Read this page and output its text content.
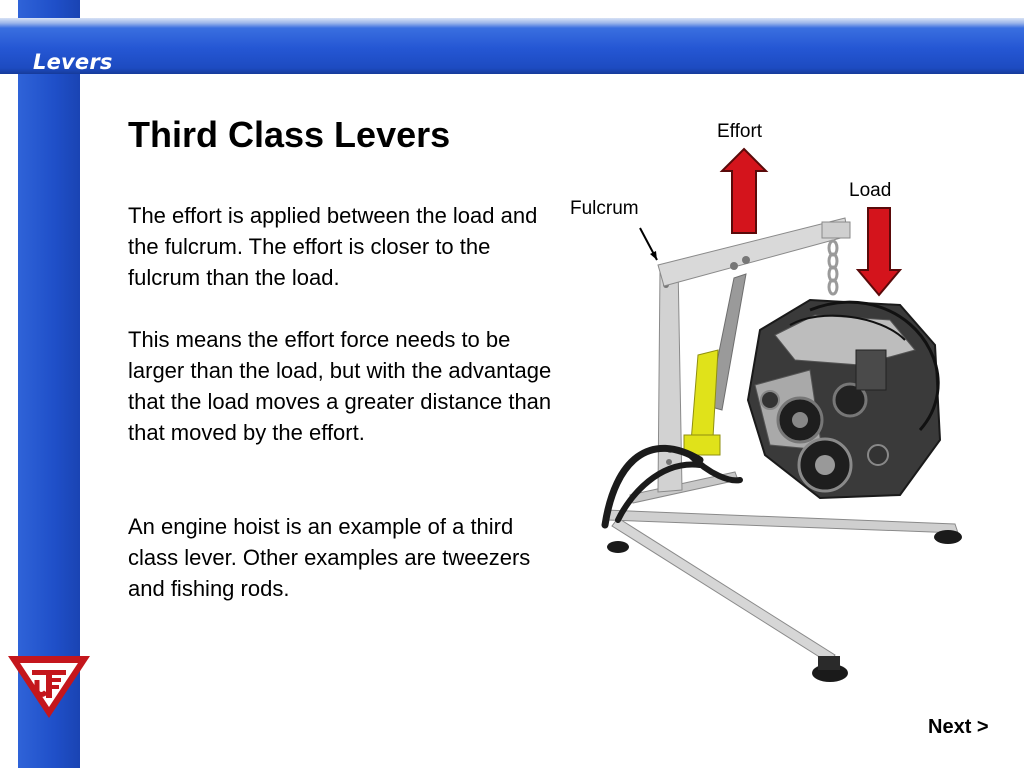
Levers
Third Class Levers

The effort is applied between the load and the fulcrum. The effort is closer to the fulcrum than the load.

This means the effort force needs to be larger than the load, but with the advantage that the load moves a greater distance than that moved by the effort.

An engine hoist is an example of a third class lever. Other examples are tweezers and fishing rods.

Effort
Load
Fulcrum
Next >
